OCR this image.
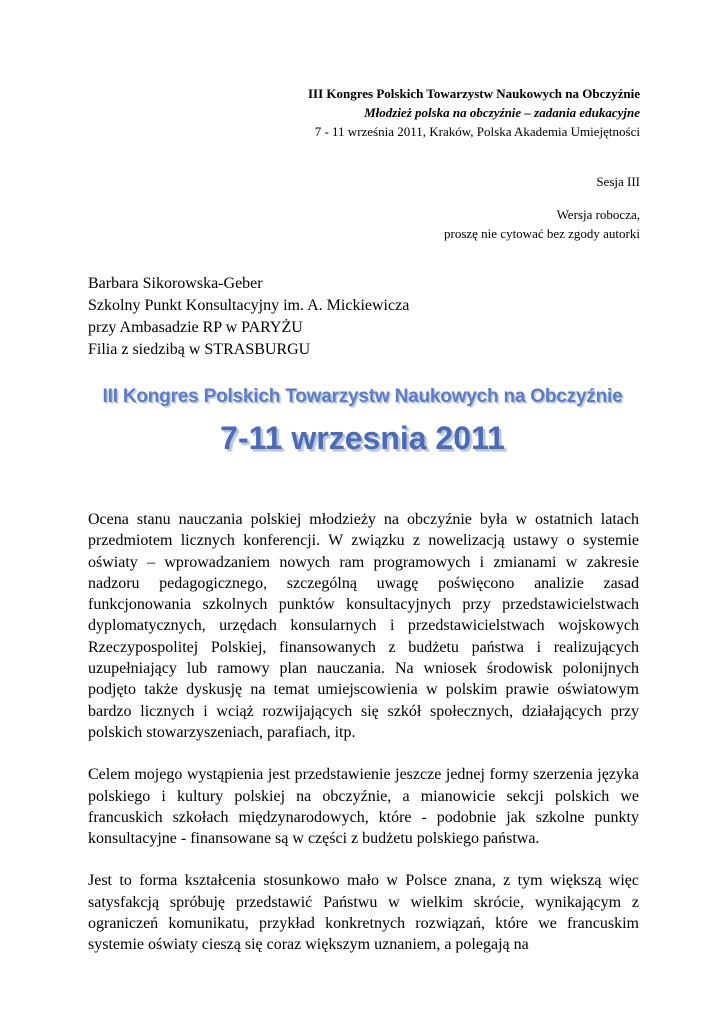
III Kongres Polskich Towarzystw Naukowych na Obczyźnie
Młodzież polska na obczyźnie – zadania edukacyjne
7 - 11 września 2011, Kraków, Polska Akademia Umiejętności
Sesja III
Wersja robocza,
proszę nie cytować bez zgody autorki
Barbara Sikorowska-Geber
Szkolny Punkt Konsultacyjny im. A. Mickiewicza
przy Ambasadzie RP w PARYŻU
Filia z siedzibą w STRASBURGU
III Kongres Polskich Towarzystw Naukowych na Obczyźnie
7-11 wrzesnia 2011

Ocena stanu nauczania polskiej młodzieży na obczyźnie była w ostatnich latach przedmiotem licznych konferencji. W związku z nowelizacją ustawy o systemie oświaty – wprowadzaniem nowych ram programowych i zmianami w zakresie nadzoru pedagogicznego, szczególną uwagę poświęcono analizie zasad funkcjonowania szkolnych punktów konsultacyjnych przy przedstawicielstwach dyplomatycznych, urzędach konsularnych i przedstawicielstwach wojskowych Rzeczypospolitej Polskiej, finansowanych z budżetu państwa i realizujących uzupełniający lub ramowy plan nauczania. Na wniosek środowisk polonijnych podjęto także dyskusję na temat umiejscowienia w polskim prawie oświatowym bardzo licznych i wciąż rozwijających się szkół społecznych, działających przy polskich stowarzyszeniach, parafiach, itp.

Celem mojego wystąpienia jest przedstawienie jeszcze jednej formy szerzenia języka polskiego i kultury polskiej na obczyźnie, a mianowicie sekcji polskich we francuskich szkołach międzynarodowych, które - podobnie jak szkolne punkty konsultacyjne - finansowane są w części z budżetu polskiego państwa.

Jest to forma kształcenia stosunkowo mało w Polsce znana, z tym większą więc satysfakcją spróbuję przedstawić Państwu w wielkim skrócie, wynikającym z ograniczeń komunikatu, przykład konkretnych rozwiązań, które we francuskim systemie oświaty cieszą się coraz większym uznaniem, a polegają na
